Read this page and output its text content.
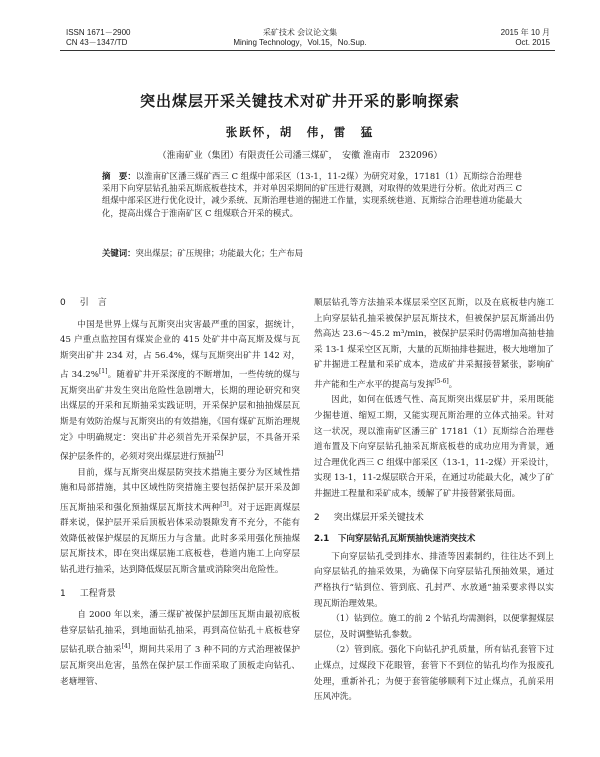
ISSN 1671－2900
CN 43－1347/TD
采矿技术 会议论文集
Mining Technology，Vol.15，No.Sup.
2015 年 10 月
Oct. 2015
突出煤层开采关键技术对矿井开采的影响探索
张跃怀，胡　伟，雷　猛
（淮南矿业（集团）有限责任公司潘三煤矿，　安徽 淮南市　232096）
摘　要：以淮南矿区潘三煤矿西三 C 组煤中部采区（13-1，11-2煤）为研究对象，17181（1）瓦斯综合治理巷采用下向穿层钻孔抽采瓦斯底板巷技术，并对单因采期间的矿压进行观测，对取得的效果进行分析。依此对西三 C 组煤中部采区进行优化设计，减少系统、瓦斯治理巷道的掘进工作量，实现系统巷道、瓦斯综合治理巷道功能最大化，提高出煤合于淮南矿区 C 组煤联合开采的模式。
关键词：突出煤层；矿压规律；功能最大化；生产布局
0 引　言

中国是世界上煤与瓦斯突出灾害最严重的国家，据统计，45 户重点监控国有煤炭企业的 415 处矿井中高瓦斯及煤与瓦斯突出矿井 234 对，占 56.4%，煤与瓦斯突出矿井 142 对，占 34.2%[1]。随着矿井开采深度的不断增加，一些传统的煤与瓦斯突出矿井发生突出危险性急剧增大，长期的理论研究和突出煤层的开采和瓦斯抽采实践证明，开采保护层和抽抽煤层瓦斯是有效防治煤与瓦斯突出的有效措施，《国有煤矿瓦斯治理规定》中明确规定：突出矿井必须首先开采保护层，不具备开采保护层条件的，必须对突出煤层进行预抽[2]

目前，煤与瓦斯突出煤层防突技术措施主要分为区域性措施和局部措施，其中区域性防突措施主要包括保护层开采及卸压瓦斯抽采和强化预抽煤层瓦斯技术两种[3]。对于远距离煤层群来说，保护层开采后顶板岩体采动裂隙发育不充分，不能有效降低被保护煤层的瓦斯压力与含量。此时多采用强化预抽煤层瓦斯技术，即在突出煤层施工底板巷，巷道内施工上向穿层钻孔进行抽采，达到降低煤层瓦斯含量或消除突出危险性。

1 工程背景

自 2000 年以来，潘三煤矿被保护层卸压瓦斯由最初底板巷穿层钻孔抽采，到地面钻孔抽采，再到高位钻孔＋底板巷穿层钻孔联合抽采[4]，期间共采用了 3 种不同的方式治理被保护层瓦斯突出危害，虽然在保护层工作面采取了顶板走向钻孔、老塘埋管、

顺层钻孔等方法抽采本煤层采空区瓦斯，以及在底板巷内施工上向穿层钻孔抽采被保护层瓦斯技术，但被保护层瓦斯涌出仍然高达 23.6～45.2 m³/min，被保护层采时仍需增加高抽巷抽采 13-1 煤采空区瓦斯，大量的瓦斯抽排巷掘进，极大地增加了矿井掘进工程量和采矿成本，造成矿井采掘接替紧张，影响矿井产能和生产水平的提高与发挥[5-6]。

因此，如何在低透气性、高瓦斯突出煤层矿井，采用既能少掘巷道、缩短工期，又能实现瓦斯治理的立体式抽采。针对这一状况，现以淮南矿区潘三矿 17181（1）瓦斯综合治理巷道布置及下向穿层钻孔抽采瓦斯底板巷的成功应用为背景，通过合理优化西三 C 组煤中部采区（13-1，11-2煤）开采设计，实现 13-1，11-2煤层联合开采，在通过功能最大化，减少了矿井掘进工程量和采矿成本，缓解了矿井接替紧张局面。

2 突出煤层开采关键技术
2.1　下向穿层钻孔瓦斯预抽快速消突技术

下向穿层钻孔受到排水、排渣等因素制约，往往达不到上向穿层钻孔的抽采效果，为确保下向穿层钻孔预抽效果，通过严格执行“钻到位、管到底、孔封严、水放通”抽采要求得以实现瓦斯治理效果。

（1）钻到位。施工的前 2 个钻孔均需测斜，以便掌握煤层层位，及时调整钻孔参数。

（2）管到底。强化下向钻孔护孔质量，所有钻孔套管下过止煤点，过煤段下花眼管，套管下不到位的钻孔均作为报废孔处理，重新补孔；为便于套管能够顺利下过止煤点，孔前采用压风冲洗。
